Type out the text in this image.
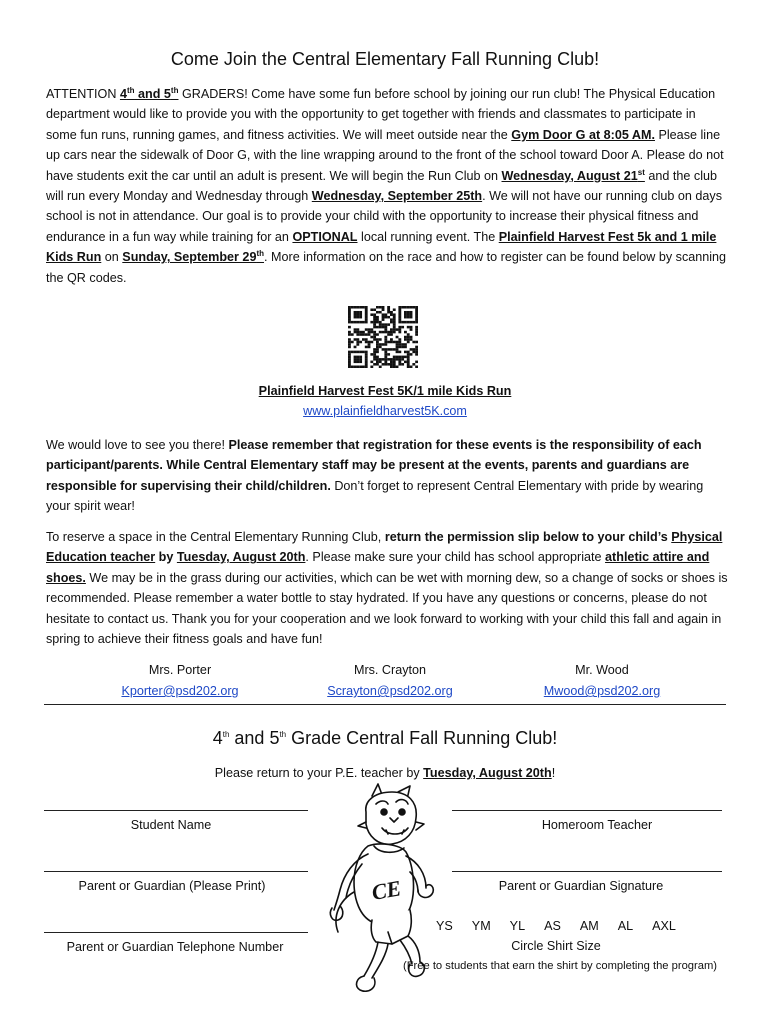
Come Join the Central Elementary Fall Running Club!
ATTENTION 4th and 5th GRADERS! Come have some fun before school by joining our run club! The Physical Education department would like to provide you with the opportunity to get together with friends and classmates to participate in some fun runs, running games, and fitness activities. We will meet outside near the Gym Door G at 8:05 AM. Please line up cars near the sidewalk of Door G, with the line wrapping around to the front of the school toward Door A. Please do not have students exit the car until an adult is present. We will begin the Run Club on Wednesday, August 21st and the club will run every Monday and Wednesday through Wednesday, September 25th. We will not have our running club on days school is not in attendance. Our goal is to provide your child with the opportunity to increase their physical fitness and endurance in a fun way while training for an OPTIONAL local running event. The Plainfield Harvest Fest 5k and 1 mile Kids Run on Sunday, September 29th. More information on the race and how to register can be found below by scanning the QR codes.
Plainfield Harvest Fest 5K/1 mile Kids Run
www.plainfieldharvest5K.com
We would love to see you there! Please remember that registration for these events is the responsibility of each participant/parents. While Central Elementary staff may be present at the events, parents and guardians are responsible for supervising their child/children. Don’t forget to represent Central Elementary with pride by wearing your spirit wear!
To reserve a space in the Central Elementary Running Club, return the permission slip below to your child’s Physical Education teacher by Tuesday, August 20th. Please make sure your child has school appropriate athletic attire and shoes. We may be in the grass during our activities, which can be wet with morning dew, so a change of socks or shoes is recommended. Please remember a water bottle to stay hydrated. If you have any questions or concerns, please do not hesitate to contact us. Thank you for your cooperation and we look forward to working with your child this fall and again in spring to achieve their fitness goals and have fun!
Mrs. Porter
Kporter@psd202.org
Mrs. Crayton
Scrayton@psd202.org
Mr. Wood
Mwood@psd202.org
4th and 5th Grade Central Fall Running Club!
Please return to your P.E. teacher by Tuesday, August 20th!
Student Name	Homeroom Teacher
Parent or Guardian (Please Print)	Parent or Guardian Signature
Parent or Guardian Telephone Number
YS YM YL AS AM AL AXL
Circle Shirt Size
(Free to students that earn the shirt by completing the program)
CE
